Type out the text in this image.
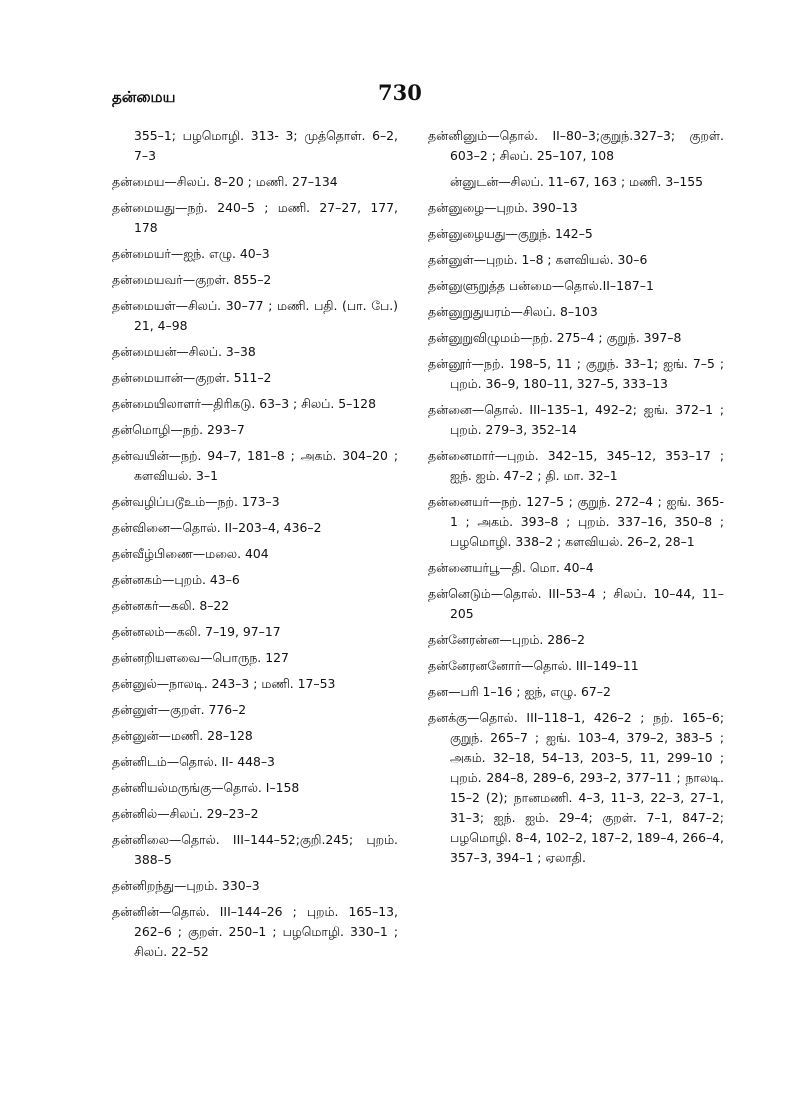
தன்மைய	730

355–1; பழமொழி. 313- 3; முத்தொள். 6–2, 7–3

தன்மைய—சிலப். 8–20 ; மணி. 27–134

தன்மையது—நற். 240–5 ; மணி. 27–27, 177, 178

தன்மையர்—ஐந். எழு. 40–3

தன்மையவர்—குறள். 855–2

தன்மையள்—சிலப். 30–77 ; மணி. பதி. (பா. பே.) 21, 4–98

தன்மையன்—சிலப். 3–38

தன்மையான்—குறள். 511–2

தன்மையிலாளர்—திரிகடு. 63–3 ; சிலப். 5–128

தன்மொழி—நற். 293–7

தன்வயின்—நற். 94–7, 181–8 ; அகம். 304–20 ; களவியல். 3–1

தன்வழிப்படூஉம்—நற். 173–3

தன்வினை—தொல். II–203–4, 436–2

தன்வீழ்பிணை—மலை. 404

தன்னகம்—புறம். 43–6

தன்னகர்—கலி. 8–22

தன்னலம்—கலி. 7–19, 97–17

தன்னறியளவை—பொருந. 127

தன்னுல்—நாலடி. 243–3 ; மணி. 17–53

தன்னுள்—குறள். 776–2

தன்னுன்—மணி. 28–128

தன்னிடம்—தொல். II- 448–3

தன்னியல்மருங்கு—தொல். I–158

தன்னில்—சிலப். 29–23–2

தன்னிலை—தொல். III–144–52;குறி.245; புறம். 388–5

தன்னிறந்து—புறம். 330–3

தன்னின்—தொல். III–144–26 ; புறம். 165–13, 262–6 ; குறள். 250–1 ; பழமொழி. 330–1 ; சிலப். 22–52

தன்னினும்—தொல். II–80–3;குறுந்.327–3; குறள். 603–2 ; சிலப். 25–107, 108

ன்னுடன்—சிலப். 11–67, 163 ; மணி. 3–155

தன்னுழை—புறம். 390–13

தன்னுழையது—குறுந். 142–5

தன்னுள்—புறம். 1–8 ; களவியல். 30–6

தன்னுளுறுத்த பன்மை—தொல்.II–187–1

தன்னுறுதுயரம்—சிலப். 8–103

தன்னுறுவிழுமம்—நற். 275–4 ; குறுந். 397–8

தன்னூர்—நற். 198–5, 11 ; குறுந். 33–1; ஐங். 7–5 ; புறம். 36–9, 180–11, 327–5, 333–13

தன்னை—தொல். III–135–1, 492–2; ஐங். 372–1 ; புறம். 279–3, 352–14

தன்னைமார்—புறம். 342–15, 345–12, 353–17 ; ஐந். ஐம். 47–2 ; தி. மா. 32–1

தன்னையர்—நற். 127–5 ; குறுந். 272–4 ; ஐங். 365- 1 ; அகம். 393–8 ; புறம். 337–16, 350–8 ; பழமொழி. 338–2 ; களவியல். 26–2, 28–1

தன்னையர்பூ—தி. மொ. 40–4

தன்னெடும்—தொல். III–53–4 ; சிலப். 10–44, 11–205

தன்னேரன்ன—புறம். 286–2

தன்னேரனனோர்—தொல். III–149–11

தன—பரி 1–16 ; ஐந், எழு. 67–2

தனக்கு—தொல். III–118–1, 426–2 ; நற். 165–6; குறுந். 265–7 ; ஐங். 103–4, 379–2, 383–5 ; அகம். 32–18, 54–13, 203–5, 11, 299–10 ; புறம். 284–8, 289–6, 293–2, 377–11 ; நாலடி. 15–2 (2); நானமணி. 4–3, 11–3, 22–3, 27–1, 31–3; ஐந். ஐம். 29–4; குறள். 7–1, 847–2; பழமொழி. 8–4, 102–2, 187–2, 189–4, 266–4, 357–3, 394–1 ; ஏலாதி.
